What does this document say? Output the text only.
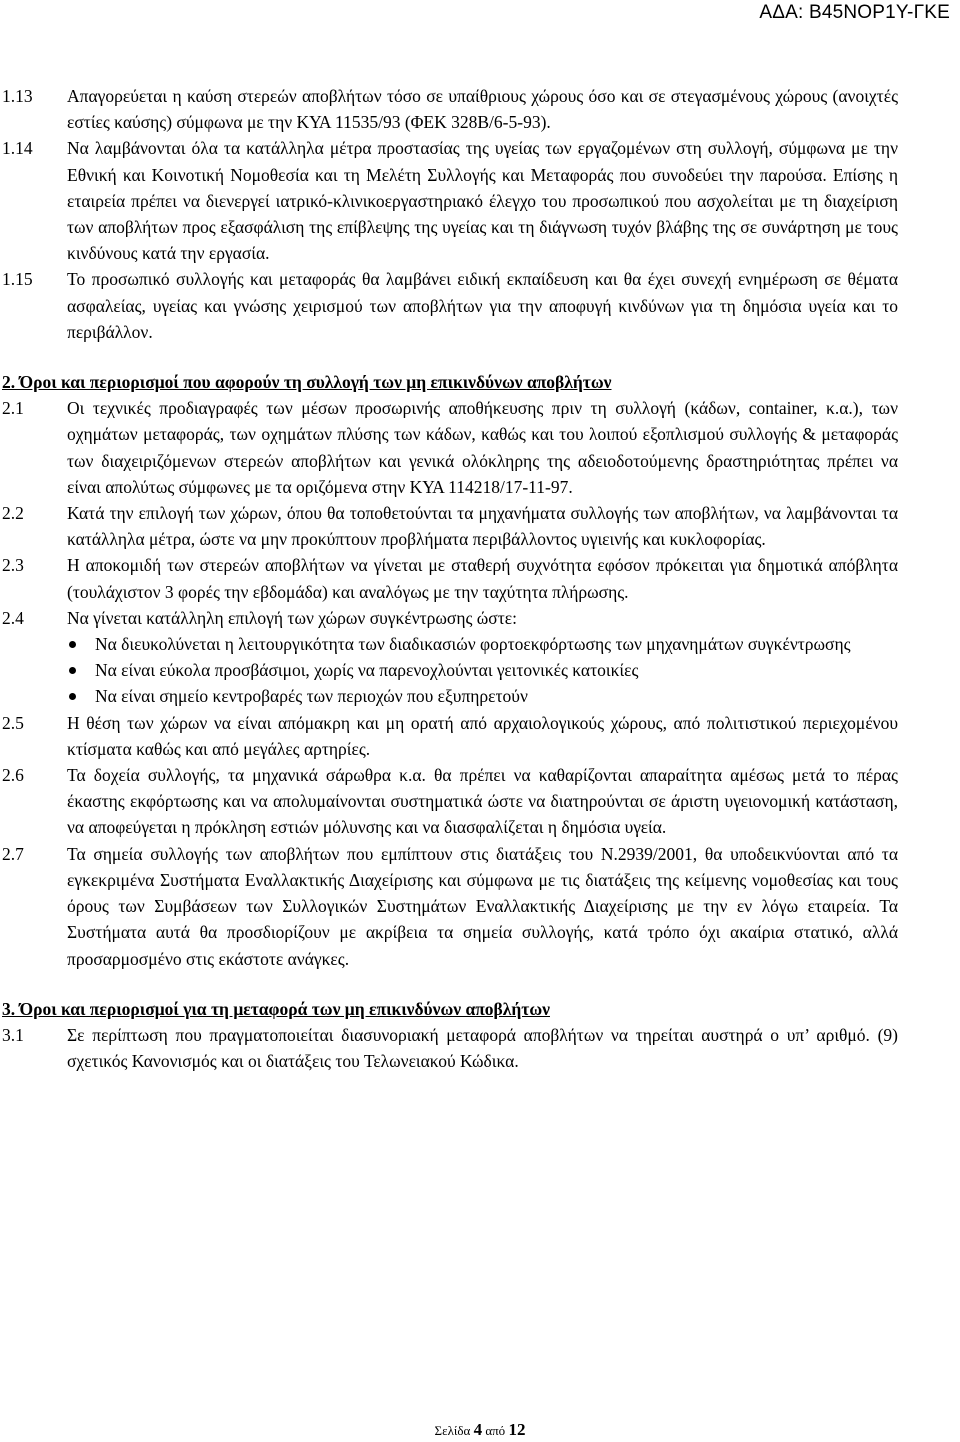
ΑΔΑ: Β45ΝΟΡ1Υ-ΓΚΕ
1.13	Απαγορεύεται η καύση στερεών αποβλήτων τόσο σε υπαίθριους χώρους όσο και σε στεγασμένους χώρους (ανοιχτές εστίες καύσης) σύμφωνα με την ΚΥΑ 11535/93 (ΦΕΚ 328Β/6-5-93).
1.14	Να λαμβάνονται όλα τα κατάλληλα μέτρα προστασίας της υγείας των εργαζομένων στη συλλογή, σύμφωνα με την Εθνική και Κοινοτική Νομοθεσία και τη Μελέτη Συλλογής και Μεταφοράς που συνοδεύει την παρούσα. Επίσης η εταιρεία πρέπει να διενεργεί ιατρικό-κλινικοεργαστηριακό έλεγχο του προσωπικού που ασχολείται με τη διαχείριση των αποβλήτων προς εξασφάλιση της επίβλεψης της υγείας και τη διάγνωση τυχόν βλάβης της σε συνάρτηση με τους κινδύνους κατά την εργασία.
1.15	Το προσωπικό συλλογής και μεταφοράς θα λαμβάνει ειδική εκπαίδευση και θα έχει συνεχή ενημέρωση σε θέματα ασφαλείας, υγείας και γνώσης χειρισμού των αποβλήτων για την αποφυγή κινδύνων για τη δημόσια υγεία και το περιβάλλον.
2. Όροι και περιορισμοί που αφορούν τη συλλογή των μη επικινδύνων αποβλήτων
2.1	Οι τεχνικές προδιαγραφές των μέσων προσωρινής αποθήκευσης πριν τη συλλογή (κάδων, container, κ.α.), των οχημάτων μεταφοράς, των οχημάτων πλύσης των κάδων, καθώς και του λοιπού εξοπλισμού συλλογής & μεταφοράς των διαχειριζόμενων στερεών αποβλήτων και γενικά ολόκληρης της αδειοδοτούμενης δραστηριότητας πρέπει να είναι απολύτως σύμφωνες με τα οριζόμενα στην ΚΥΑ 114218/17-11-97.
2.2	Κατά την επιλογή των χώρων, όπου θα τοποθετούνται τα μηχανήματα συλλογής των αποβλήτων, να λαμβάνονται τα κατάλληλα μέτρα, ώστε να μην προκύπτουν προβλήματα περιβάλλοντος υγιεινής και κυκλοφορίας.
2.3	Η αποκομιδή των στερεών αποβλήτων να γίνεται με σταθερή συχνότητα εφόσον πρόκειται για δημοτικά απόβλητα (τουλάχιστον 3 φορές την εβδομάδα) και αναλόγως με την ταχύτητα πλήρωσης.
2.4	Να γίνεται κατάλληλη επιλογή των χώρων συγκέντρωσης ώστε:
Να διευκολύνεται η λειτουργικότητα των διαδικασιών φορτοεκφόρτωσης των μηχανημάτων συγκέντρωσης
Να είναι εύκολα προσβάσιμοι, χωρίς να παρενοχλούνται γειτονικές κατοικίες
Να είναι σημείο κεντροβαρές των περιοχών που εξυπηρετούν
2.5	Η θέση των χώρων να είναι απόμακρη και μη ορατή από αρχαιολογικούς χώρους, από πολιτιστικού περιεχομένου κτίσματα καθώς και από μεγάλες αρτηρίες.
2.6	Τα δοχεία συλλογής, τα μηχανικά σάρωθρα κ.α. θα πρέπει να καθαρίζονται απαραίτητα αμέσως μετά το πέρας έκαστης εκφόρτωσης και να απολυμαίνονται συστηματικά ώστε να διατηρούνται σε άριστη υγειονομική κατάσταση, να αποφεύγεται η πρόκληση εστιών μόλυνσης και να διασφαλίζεται η δημόσια υγεία.
2.7	Τα σημεία συλλογής των αποβλήτων που εμπίπτουν στις διατάξεις του Ν.2939/2001, θα υποδεικνύονται από τα εγκεκριμένα Συστήματα Εναλλακτικής Διαχείρισης και σύμφωνα με τις διατάξεις της κείμενης νομοθεσίας και τους όρους των Συμβάσεων των Συλλογικών Συστημάτων Εναλλακτικής Διαχείρισης με την εν λόγω εταιρεία. Τα Συστήματα αυτά θα προσδιορίζουν με ακρίβεια τα σημεία συλλογής, κατά τρόπο όχι ακαίρια στατικό, αλλά προσαρμοσμένο στις εκάστοτε ανάγκες.
3. Όροι και περιορισμοί για τη μεταφορά των μη επικινδύνων αποβλήτων
3.1	Σε περίπτωση που πραγματοποιείται διασυνοριακή μεταφορά αποβλήτων να τηρείται αυστηρά ο υπ’ αριθμό. (9) σχετικός Κανονισμός και οι διατάξεις του Τελωνειακού Κώδικα.
Σελίδα 4 από 12
